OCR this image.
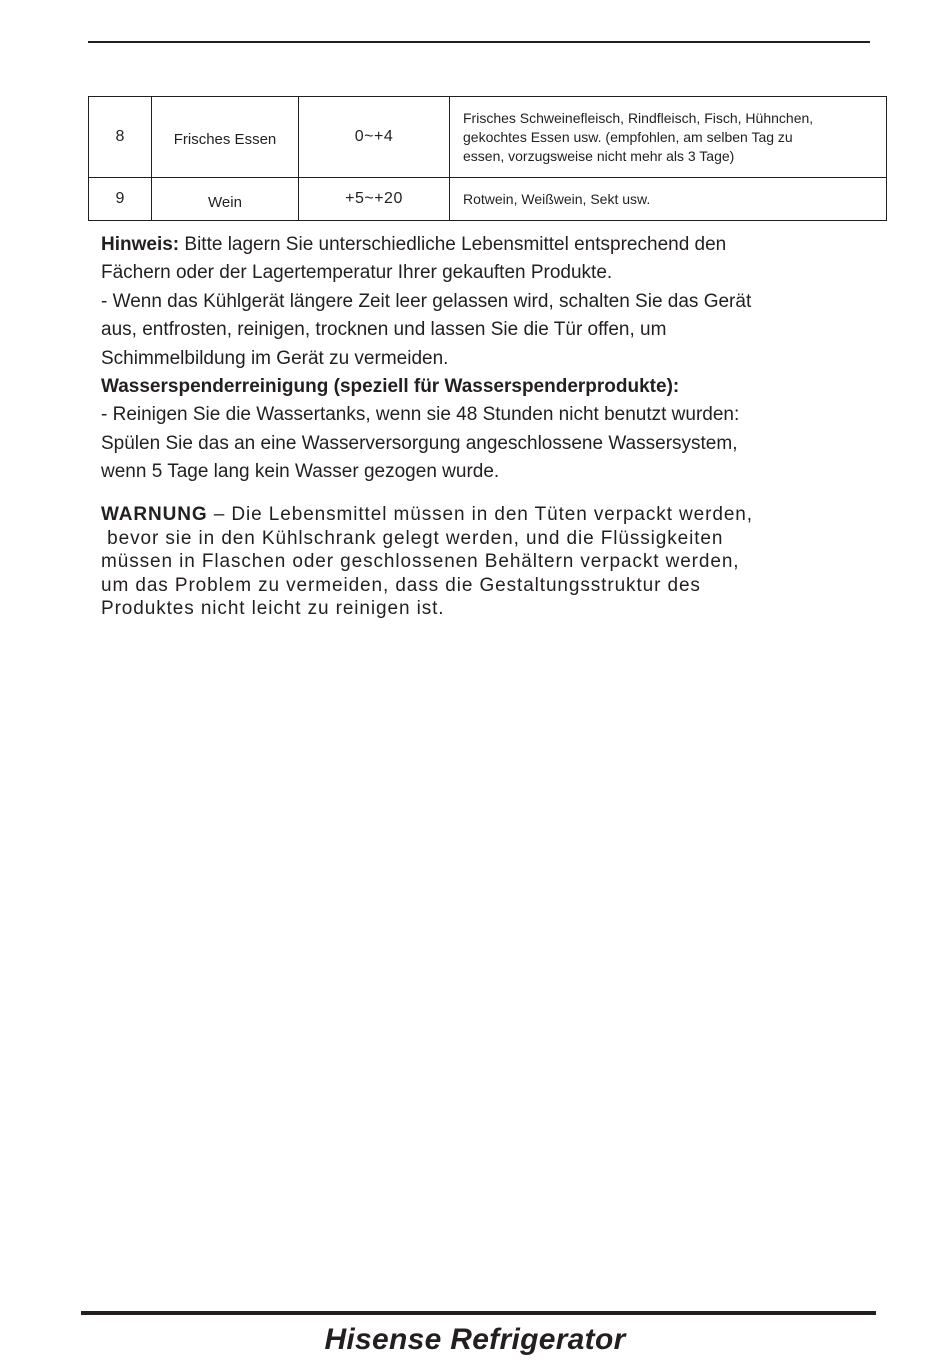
8	Frisches Essen	0~+4	Frisches Schweinefleisch, Rindfleisch, Fisch, Hühnchen,
gekochtes Essen usw. (empfohlen, am selben Tag zu
essen, vorzugsweise nicht mehr als 3 Tage)

9	Wein	+5~+20	Rotwein, Weißwein, Sekt usw.

Hinweis: Bitte lagern Sie unterschiedliche Lebensmittel entsprechend den

Fächern oder der Lagertemperatur Ihrer gekauften Produkte.

- Wenn das Kühlgerät längere Zeit leer gelassen wird, schalten Sie das Gerät

aus, entfrosten, reinigen, trocknen und lassen Sie die Tür offen, um

Schimmelbildung im Gerät zu vermeiden.

Wasserspenderreinigung (speziell für Wasserspenderprodukte):

- Reinigen Sie die Wassertanks, wenn sie 48 Stunden nicht benutzt wurden:

Spülen Sie das an eine Wasserversorgung angeschlossene Wassersystem,

wenn 5 Tage lang kein Wasser gezogen wurde.

WARNUNG – Die Lebensmittel müssen in den Tüten verpackt werden,

bevor sie in den Kühlschrank gelegt werden, und die Flüssigkeiten

müssen in Flaschen oder geschlossenen Behältern verpackt werden,

um das Problem zu vermeiden, dass die Gestaltungsstruktur des

Produktes nicht leicht zu reinigen ist.

Hisense Refrigerator
